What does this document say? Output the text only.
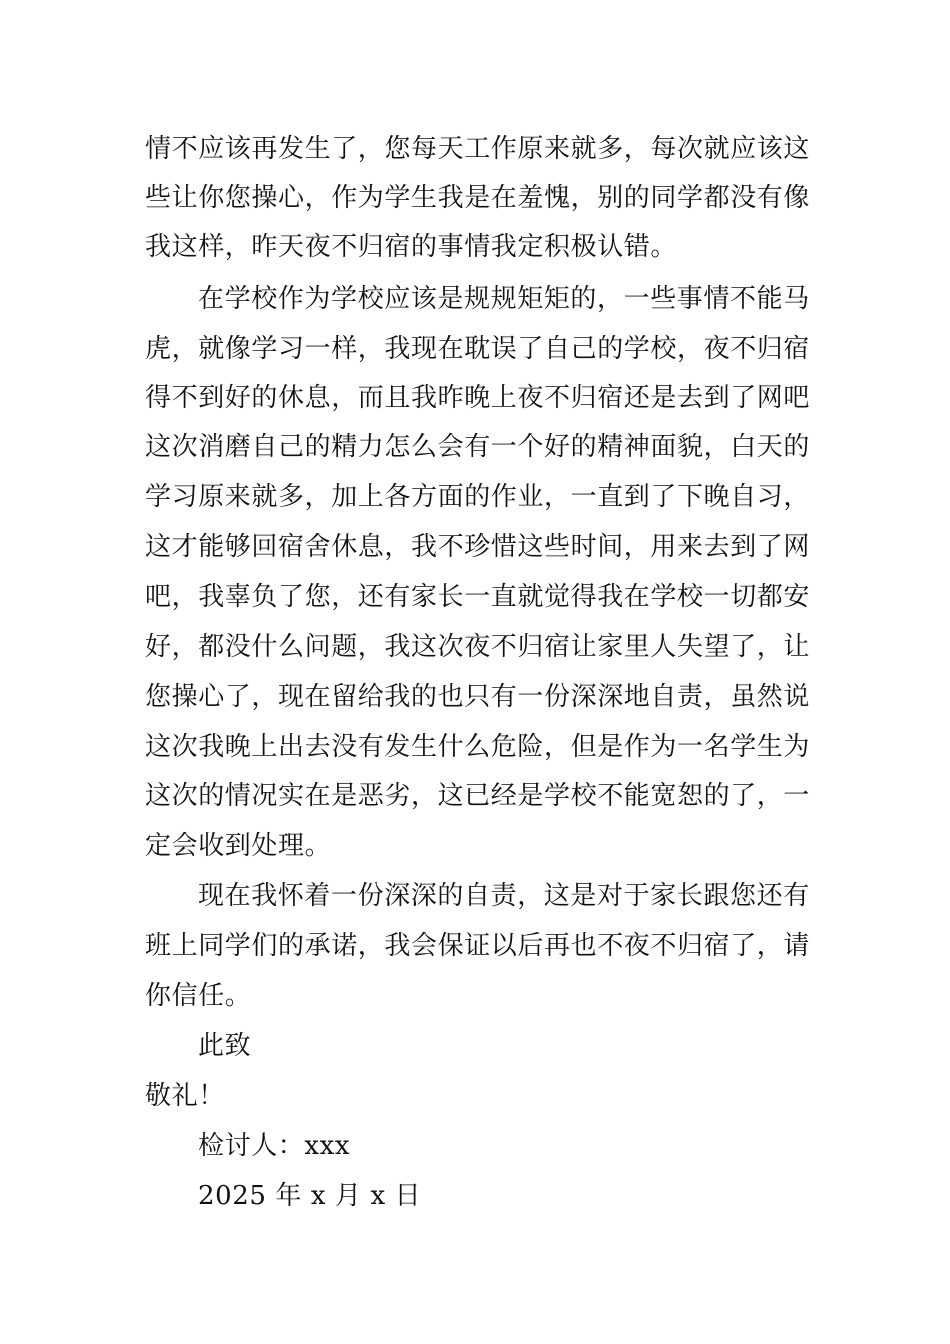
情不应该再发生了，您每天工作原来就多，每次就应该这
些让你您操心，作为学生我是在羞愧，别的同学都没有像
我这样，昨天夜不归宿的事情我定积极认错。
在学校作为学校应该是规规矩矩的，一些事情不能马
虎，就像学习一样，我现在耽误了自己的学校，夜不归宿
得不到好的休息，而且我昨晚上夜不归宿还是去到了网吧
这次消磨自己的精力怎么会有一个好的精神面貌，白天的
学习原来就多，加上各方面的作业，一直到了下晚自习，
这才能够回宿舍休息，我不珍惜这些时间，用来去到了网
吧，我辜负了您，还有家长一直就觉得我在学校一切都安
好，都没什么问题，我这次夜不归宿让家里人失望了，让
您操心了，现在留给我的也只有一份深深地自责，虽然说
这次我晚上出去没有发生什么危险，但是作为一名学生为
这次的情况实在是恶劣，这已经是学校不能宽恕的了，一
定会收到处理。
现在我怀着一份深深的自责，这是对于家长跟您还有
班上同学们的承诺，我会保证以后再也不夜不归宿了，请
你信任。
此致
敬礼！
检讨人：xxx
2025 年 x 月 x 日
